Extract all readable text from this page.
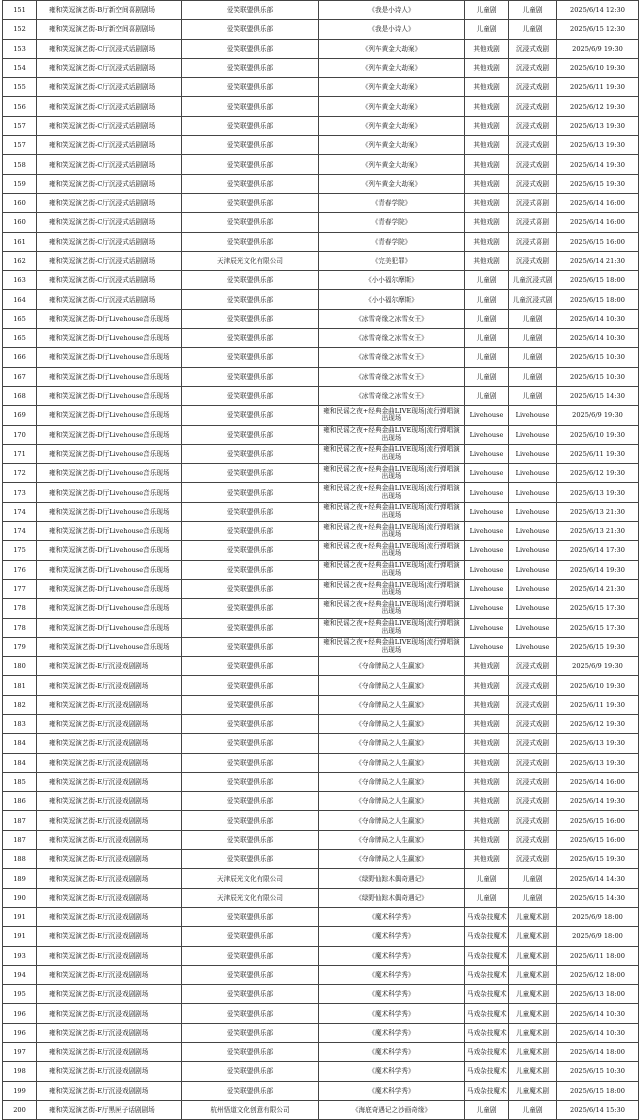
151	雍和笑逗演艺街-B厅新空间喜剧剧场	爱笑联盟俱乐部	《我是小诗人》	儿童剧	儿童剧	2025/6/14 12:30
152	雍和笑逗演艺街-B厅新空间喜剧剧场	爱笑联盟俱乐部	《我是小诗人》	儿童剧	儿童剧	2025/6/15 12:30
153	雍和笑逗演艺街-C厅沉浸式话剧剧场	爱笑联盟俱乐部	《列车黄金大劫案》	其他戏剧	沉浸式戏剧	2025/6/9 19:30
154	雍和笑逗演艺街-C厅沉浸式话剧剧场	爱笑联盟俱乐部	《列车黄金大劫案》	其他戏剧	沉浸式戏剧	2025/6/10 19:30
155	雍和笑逗演艺街-C厅沉浸式话剧剧场	爱笑联盟俱乐部	《列车黄金大劫案》	其他戏剧	沉浸式戏剧	2025/6/11 19:30
156	雍和笑逗演艺街-C厅沉浸式话剧剧场	爱笑联盟俱乐部	《列车黄金大劫案》	其他戏剧	沉浸式戏剧	2025/6/12 19:30
157	雍和笑逗演艺街-C厅沉浸式话剧剧场	爱笑联盟俱乐部	《列车黄金大劫案》	其他戏剧	沉浸式戏剧	2025/6/13 19:30
157	雍和笑逗演艺街-C厅沉浸式话剧剧场	爱笑联盟俱乐部	《列车黄金大劫案》	其他戏剧	沉浸式戏剧	2025/6/13 19:30
158	雍和笑逗演艺街-C厅沉浸式话剧剧场	爱笑联盟俱乐部	《列车黄金大劫案》	其他戏剧	沉浸式戏剧	2025/6/14 19:30
159	雍和笑逗演艺街-C厅沉浸式话剧剧场	爱笑联盟俱乐部	《列车黄金大劫案》	其他戏剧	沉浸式戏剧	2025/6/15 19:30
160	雍和笑逗演艺街-C厅沉浸式话剧剧场	爱笑联盟俱乐部	《青春学院》	其他戏剧	沉浸式喜剧	2025/6/14 16:00
160	雍和笑逗演艺街-C厅沉浸式话剧剧场	爱笑联盟俱乐部	《青春学院》	其他戏剧	沉浸式喜剧	2025/6/14 16:00
161	雍和笑逗演艺街-C厅沉浸式话剧剧场	爱笑联盟俱乐部	《青春学院》	其他戏剧	沉浸式喜剧	2025/6/15 16:00
162	雍和笑逗演艺街-C厅沉浸式话剧剧场	天津辰光文化有限公司	《完美犯罪》	其他戏剧	沉浸式戏剧	2025/6/14 21:30
163	雍和笑逗演艺街-C厅沉浸式话剧剧场	爱笑联盟俱乐部	《小小福尔摩斯》	儿童剧	儿童沉浸式剧	2025/6/15 18:00
164	雍和笑逗演艺街-C厅沉浸式话剧剧场	爱笑联盟俱乐部	《小小福尔摩斯》	儿童剧	儿童沉浸式剧	2025/6/15 18:00
165	雍和笑逗演艺街-D厅Livehouse音乐现场	爱笑联盟俱乐部	《冰雪奇缘之冰雪女王》	儿童剧	儿童剧	2025/6/14 10:30
165	雍和笑逗演艺街-D厅Livehouse音乐现场	爱笑联盟俱乐部	《冰雪奇缘之冰雪女王》	儿童剧	儿童剧	2025/6/14 10:30
166	雍和笑逗演艺街-D厅Livehouse音乐现场	爱笑联盟俱乐部	《冰雪奇缘之冰雪女王》	儿童剧	儿童剧	2025/6/15 10:30
167	雍和笑逗演艺街-D厅Livehouse音乐现场	爱笑联盟俱乐部	《冰雪奇缘之冰雪女王》	儿童剧	儿童剧	2025/6/15 10:30
168	雍和笑逗演艺街-D厅Livehouse音乐现场	爱笑联盟俱乐部	《冰雪奇缘之冰雪女王》	儿童剧	儿童剧	2025/6/15 14:30
169	雍和笑逗演艺街-D厅Livehouse音乐现场	爱笑联盟俱乐部	雍和民谣之夜+经典金曲LIVE现场|流行弹唱演出现场	Livehouse	Livehouse	2025/6/9 19:30
170	雍和笑逗演艺街-D厅Livehouse音乐现场	爱笑联盟俱乐部	雍和民谣之夜+经典金曲LIVE现场|流行弹唱演出现场	Livehouse	Livehouse	2025/6/10 19:30
171	雍和笑逗演艺街-D厅Livehouse音乐现场	爱笑联盟俱乐部	雍和民谣之夜+经典金曲LIVE现场|流行弹唱演出现场	Livehouse	Livehouse	2025/6/11 19:30
172	雍和笑逗演艺街-D厅Livehouse音乐现场	爱笑联盟俱乐部	雍和民谣之夜+经典金曲LIVE现场|流行弹唱演出现场	Livehouse	Livehouse	2025/6/12 19:30
173	雍和笑逗演艺街-D厅Livehouse音乐现场	爱笑联盟俱乐部	雍和民谣之夜+经典金曲LIVE现场|流行弹唱演出现场	Livehouse	Livehouse	2025/6/13 19:30
174	雍和笑逗演艺街-D厅Livehouse音乐现场	爱笑联盟俱乐部	雍和民谣之夜+经典金曲LIVE现场|流行弹唱演出现场	Livehouse	Livehouse	2025/6/13 21:30
174	雍和笑逗演艺街-D厅Livehouse音乐现场	爱笑联盟俱乐部	雍和民谣之夜+经典金曲LIVE现场|流行弹唱演出现场	Livehouse	Livehouse	2025/6/13 21:30
175	雍和笑逗演艺街-D厅Livehouse音乐现场	爱笑联盟俱乐部	雍和民谣之夜+经典金曲LIVE现场|流行弹唱演出现场	Livehouse	Livehouse	2025/6/14 17:30
176	雍和笑逗演艺街-D厅Livehouse音乐现场	爱笑联盟俱乐部	雍和民谣之夜+经典金曲LIVE现场|流行弹唱演出现场	Livehouse	Livehouse	2025/6/14 19:30
177	雍和笑逗演艺街-D厅Livehouse音乐现场	爱笑联盟俱乐部	雍和民谣之夜+经典金曲LIVE现场|流行弹唱演出现场	Livehouse	Livehouse	2025/6/14 21:30
178	雍和笑逗演艺街-D厅Livehouse音乐现场	爱笑联盟俱乐部	雍和民谣之夜+经典金曲LIVE现场|流行弹唱演出现场	Livehouse	Livehouse	2025/6/15 17:30
178	雍和笑逗演艺街-D厅Livehouse音乐现场	爱笑联盟俱乐部	雍和民谣之夜+经典金曲LIVE现场|流行弹唱演出现场	Livehouse	Livehouse	2025/6/15 17:30
179	雍和笑逗演艺街-D厅Livehouse音乐现场	爱笑联盟俱乐部	雍和民谣之夜+经典金曲LIVE现场|流行弹唱演出现场	Livehouse	Livehouse	2025/6/15 19:30
180	雍和笑逗演艺街-E厅沉浸戏剧剧场	爱笑联盟俱乐部	《夺命牌局之人生赢家》	其他戏剧	沉浸式戏剧	2025/6/9 19:30
181	雍和笑逗演艺街-E厅沉浸戏剧剧场	爱笑联盟俱乐部	《夺命牌局之人生赢家》	其他戏剧	沉浸式戏剧	2025/6/10 19:30
182	雍和笑逗演艺街-E厅沉浸戏剧剧场	爱笑联盟俱乐部	《夺命牌局之人生赢家》	其他戏剧	沉浸式戏剧	2025/6/11 19:30
183	雍和笑逗演艺街-E厅沉浸戏剧剧场	爱笑联盟俱乐部	《夺命牌局之人生赢家》	其他戏剧	沉浸式戏剧	2025/6/12 19:30
184	雍和笑逗演艺街-E厅沉浸戏剧剧场	爱笑联盟俱乐部	《夺命牌局之人生赢家》	其他戏剧	沉浸式戏剧	2025/6/13 19:30
184	雍和笑逗演艺街-E厅沉浸戏剧剧场	爱笑联盟俱乐部	《夺命牌局之人生赢家》	其他戏剧	沉浸式戏剧	2025/6/13 19:30
185	雍和笑逗演艺街-E厅沉浸戏剧剧场	爱笑联盟俱乐部	《夺命牌局之人生赢家》	其他戏剧	沉浸式戏剧	2025/6/14 16:00
186	雍和笑逗演艺街-E厅沉浸戏剧剧场	爱笑联盟俱乐部	《夺命牌局之人生赢家》	其他戏剧	沉浸式戏剧	2025/6/14 19:30
187	雍和笑逗演艺街-E厅沉浸戏剧剧场	爱笑联盟俱乐部	《夺命牌局之人生赢家》	其他戏剧	沉浸式戏剧	2025/6/15 16:00
187	雍和笑逗演艺街-E厅沉浸戏剧剧场	爱笑联盟俱乐部	《夺命牌局之人生赢家》	其他戏剧	沉浸式戏剧	2025/6/15 16:00
188	雍和笑逗演艺街-E厅沉浸戏剧剧场	爱笑联盟俱乐部	《夺命牌局之人生赢家》	其他戏剧	沉浸式戏剧	2025/6/15 19:30
189	雍和笑逗演艺街-E厅沉浸戏剧剧场	天津辰光文化有限公司	《绿野仙踪木偶奇遇记》	儿童剧	儿童剧	2025/6/14 14:30
190	雍和笑逗演艺街-E厅沉浸戏剧剧场	天津辰光文化有限公司	《绿野仙踪木偶奇遇记》	儿童剧	儿童剧	2025/6/15 14:30
191	雍和笑逗演艺街-E厅沉浸戏剧剧场	爱笑联盟俱乐部	《魔术科学秀》	马戏杂技魔术	儿童魔术剧	2025/6/9 18:00
191	雍和笑逗演艺街-E厅沉浸戏剧剧场	爱笑联盟俱乐部	《魔术科学秀》	马戏杂技魔术	儿童魔术剧	2025/6/9 18:00
193	雍和笑逗演艺街-E厅沉浸戏剧剧场	爱笑联盟俱乐部	《魔术科学秀》	马戏杂技魔术	儿童魔术剧	2025/6/11 18:00
194	雍和笑逗演艺街-E厅沉浸戏剧剧场	爱笑联盟俱乐部	《魔术科学秀》	马戏杂技魔术	儿童魔术剧	2025/6/12 18:00
195	雍和笑逗演艺街-E厅沉浸戏剧剧场	爱笑联盟俱乐部	《魔术科学秀》	马戏杂技魔术	儿童魔术剧	2025/6/13 18:00
196	雍和笑逗演艺街-E厅沉浸戏剧剧场	爱笑联盟俱乐部	《魔术科学秀》	马戏杂技魔术	儿童魔术剧	2025/6/14 10:30
196	雍和笑逗演艺街-E厅沉浸戏剧剧场	爱笑联盟俱乐部	《魔术科学秀》	马戏杂技魔术	儿童魔术剧	2025/6/14 10:30
197	雍和笑逗演艺街-E厅沉浸戏剧剧场	爱笑联盟俱乐部	《魔术科学秀》	马戏杂技魔术	儿童魔术剧	2025/6/14 18:00
198	雍和笑逗演艺街-E厅沉浸戏剧剧场	爱笑联盟俱乐部	《魔术科学秀》	马戏杂技魔术	儿童魔术剧	2025/6/15 10:30
199	雍和笑逗演艺街-E厅沉浸戏剧剧场	爱笑联盟俱乐部	《魔术科学秀》	马戏杂技魔术	儿童魔术剧	2025/6/15 18:00
200	雍和笑逗演艺街-F厅黑匣子话剧剧场	杭州悟道文化创意有限公司	《海底奇遇记之沙画奇缘》	儿童剧	儿童剧	2025/6/14 15:30
